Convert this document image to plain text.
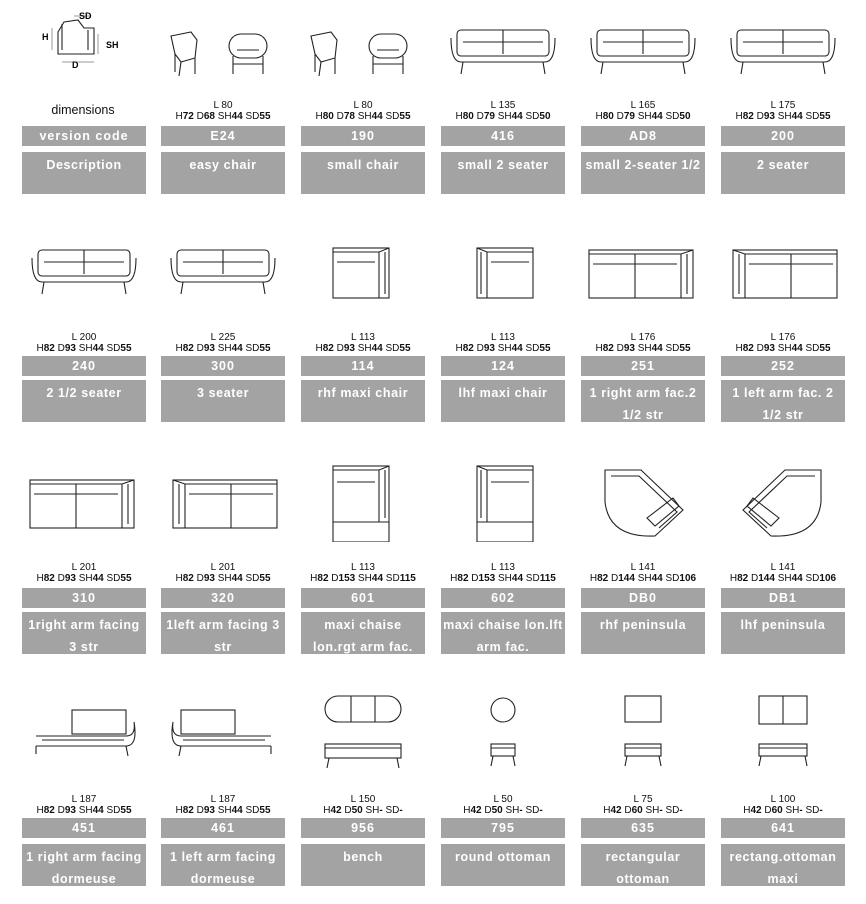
SD
H
SH
D
dimensions
version code
Description
L 80
H72 D68 SH44 SD55
E24
easy chair
L 80
H80 D78 SH44 SD55
190
small chair
L 135
H80 D79 SH44 SD50
416
small 2 seater
L 165
H80 D79 SH44 SD50
AD8
small 2-seater 1/2
L 175
H82 D93 SH44 SD55
200
2 seater
L 200
H82 D93 SH44 SD55
240
2 1/2 seater
L 225
H82 D93 SH44 SD55
300
3 seater
L 113
H82 D93 SH44 SD55
114
rhf maxi chair
L 113
H82 D93 SH44 SD55
124
lhf maxi chair
L 176
H82 D93 SH44 SD55
251
1 right arm fac.2 1/2 str
L 176
H82 D93 SH44 SD55
252
1 left arm fac. 2 1/2 str
L 201
H82 D93 SH44 SD55
310
1right arm facing 3 str
L 201
H82 D93 SH44 SD55
320
1left arm facing 3 str
L 113
H82 D153 SH44 SD115
601
maxi chaise lon.rgt arm fac.
L 113
H82 D153 SH44 SD115
602
maxi chaise lon.lft arm fac.
L 141
H82 D144 SH44 SD106
DB0
rhf peninsula
L 141
H82 D144 SH44 SD106
DB1
lhf peninsula
L 187
H82 D93 SH44 SD55
451
1 right arm facing dormeuse
L 187
H82 D93 SH44 SD55
461
1 left arm facing dormeuse
L 150
H42 D50 SH- SD-
956
bench
L 50
H42 D50 SH- SD-
795
round ottoman
L 75
H42 D60 SH- SD-
635
rectangular ottoman
L 100
H42 D60 SH- SD-
641
rectang.ottoman maxi
